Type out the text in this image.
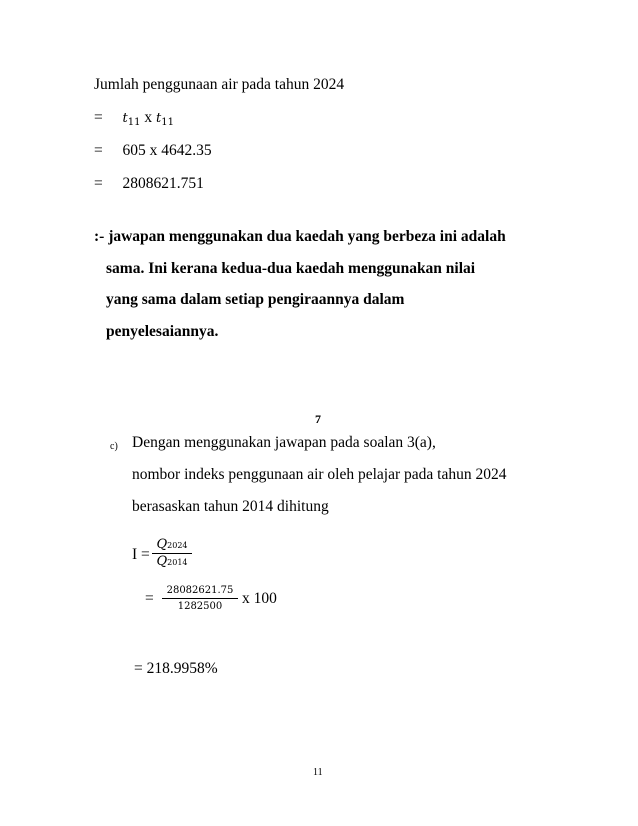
Jumlah penggunaan air pada tahun 2024
= $t_{11}$ x $t_{11}$
= 605 x 4642.35
= 2808621.751
:- jawapan menggunakan dua kaedah yang berbeza ini adalah
sama. Ini kerana kedua-dua kaedah menggunakan nilai
yang sama dalam setiap pengiraannya dalam
penyelesaiannya.
7
c) Dengan menggunakan jawapan pada soalan 3(a),
nombor indeks penggunaan air oleh pelajar pada tahun 2024
berasaskan tahun 2014 dihitung
I =
Q2024
Q2014
=	28082621.75
1282500	x 100
= 218.9958%
11
